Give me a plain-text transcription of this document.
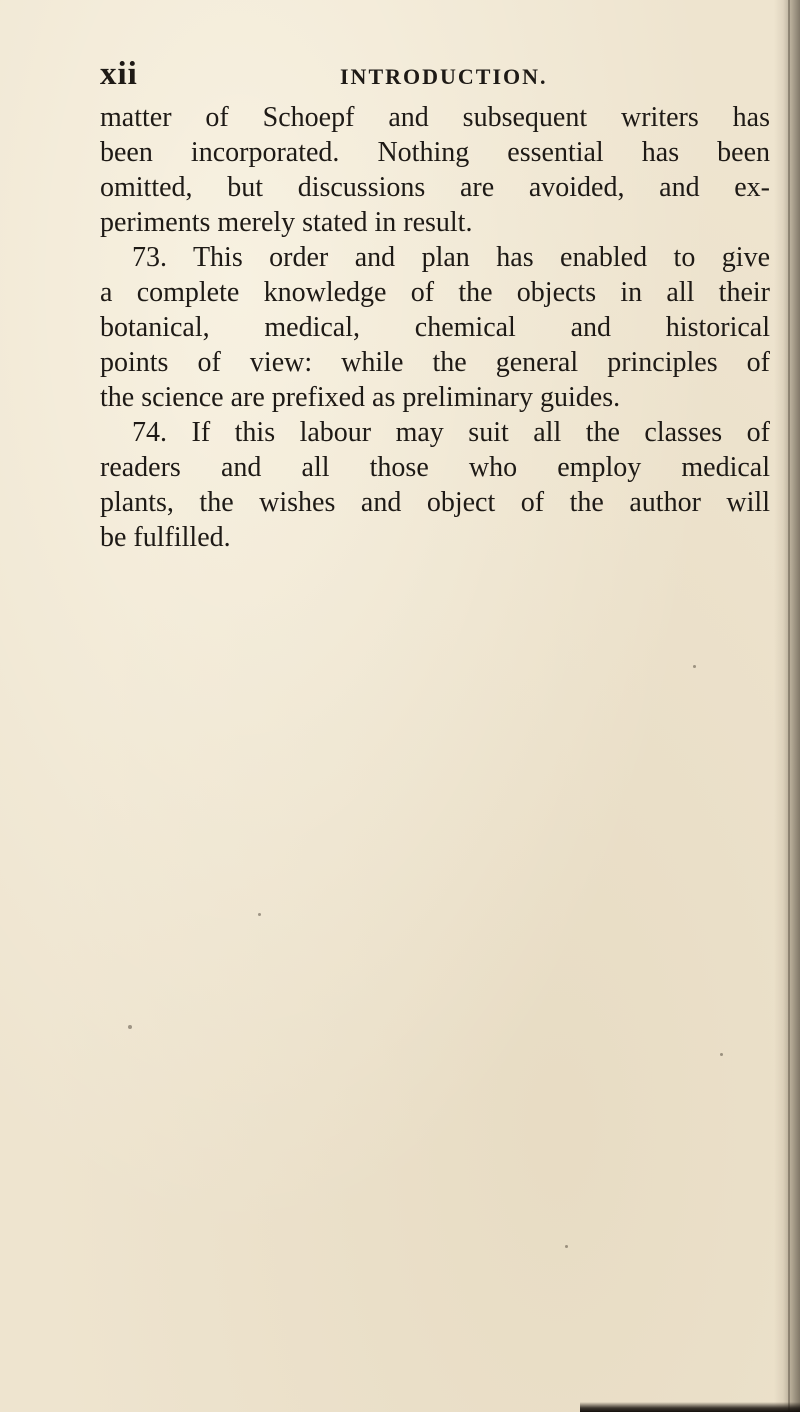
xii	INTRODUCTION.
matter of Schoepf and subsequent writers has
been incorporated. Nothing essential has been
omitted, but discussions are avoided, and ex-
periments merely stated in result.
73. This order and plan has enabled to give
a complete knowledge of the objects in all their
botanical, medical, chemical and historical
points of view: while the general principles of
the science are prefixed as preliminary guides.
74. If this labour may suit all the classes of
readers and all those who employ medical
plants, the wishes and object of the author will
be fulfilled.
